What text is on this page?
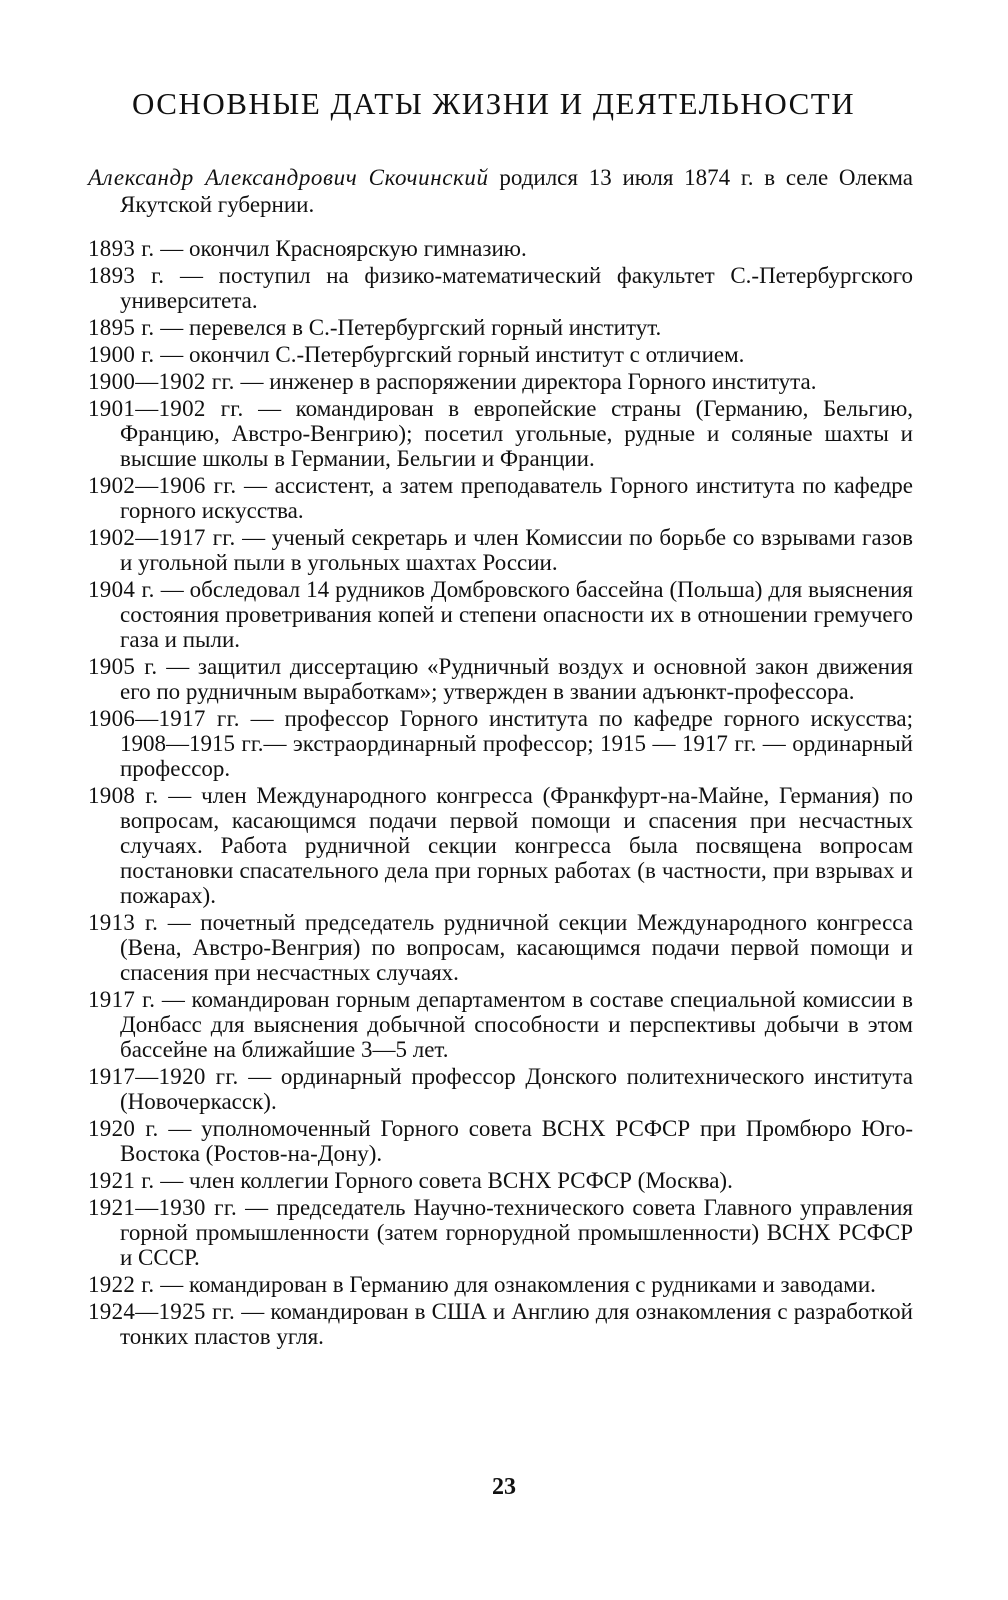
ОСНОВНЫЕ ДАТЫ ЖИЗНИ И ДЕЯТЕЛЬНОСТИ

Александр Александрович Скочинский родился 13 июля 1874 г. в селе Олекма Якутской губернии.

1893 г. — окончил Красноярскую гимназию.
1893 г. — поступил на физико-математический факультет С.-Петербургского университета.
1895 г. — перевелся в С.-Петербургский горный институт.
1900 г. — окончил С.-Петербургский горный институт с отличием.
1900—1902 гг. — инженер в распоряжении директора Горного института.
1901—1902 гг. — командирован в европейские страны (Германию, Бельгию, Францию, Австро-Венгрию); посетил угольные, рудные и соляные шахты и высшие школы в Германии, Бельгии и Франции.
1902—1906 гг. — ассистент, а затем преподаватель Горного института по кафедре горного искусства.
1902—1917 гг. — ученый секретарь и член Комиссии по борьбе со взрывами газов и угольной пыли в угольных шахтах России.
1904 г. — обследовал 14 рудников Домбровского бассейна (Польша) для выяснения состояния проветривания копей и степени опасности их в отношении гремучего газа и пыли.
1905 г. — защитил диссертацию «Рудничный воздух и основной закон движения его по рудничным выработкам»; утвержден в звании адъюнкт-профессора.
1906—1917 гг. — профессор Горного института по кафедре горного искусства; 1908—1915 гг.— экстраординарный профессор; 1915 — 1917 гг. — ординарный профессор.
1908 г. — член Международного конгресса (Франкфурт-на-Майне, Германия) по вопросам, касающимся подачи первой помощи и спасения при несчастных случаях. Работа рудничной секции конгресса была посвящена вопросам постановки спасательного дела при горных работах (в частности, при взрывах и пожарах).
1913 г. — почетный председатель рудничной секции Международного конгресса (Вена, Австро-Венгрия) по вопросам, касающимся подачи первой помощи и спасения при несчастных случаях.
1917 г. — командирован горным департаментом в составе специальной комиссии в Донбасс для выяснения добычной способности и перспективы добычи в этом бассейне на ближайшие 3—5 лет.
1917—1920 гг. — ординарный профессор Донского политехнического института (Новочеркасск).
1920 г. — уполномоченный Горного совета ВСНХ РСФСР при Промбюро Юго-Востока (Ростов-на-Дону).
1921 г. — член коллегии Горного совета ВСНХ РСФСР (Москва).
1921—1930 гг. — председатель Научно-технического совета Главного управления горной промышленности (затем горнорудной промышленности) ВСНХ РСФСР и СССР.
1922 г. — командирован в Германию для ознакомления с рудниками и заводами.
1924—1925 гг. — командирован в США и Англию для ознакомления с разработкой тонких пластов угля.
23
